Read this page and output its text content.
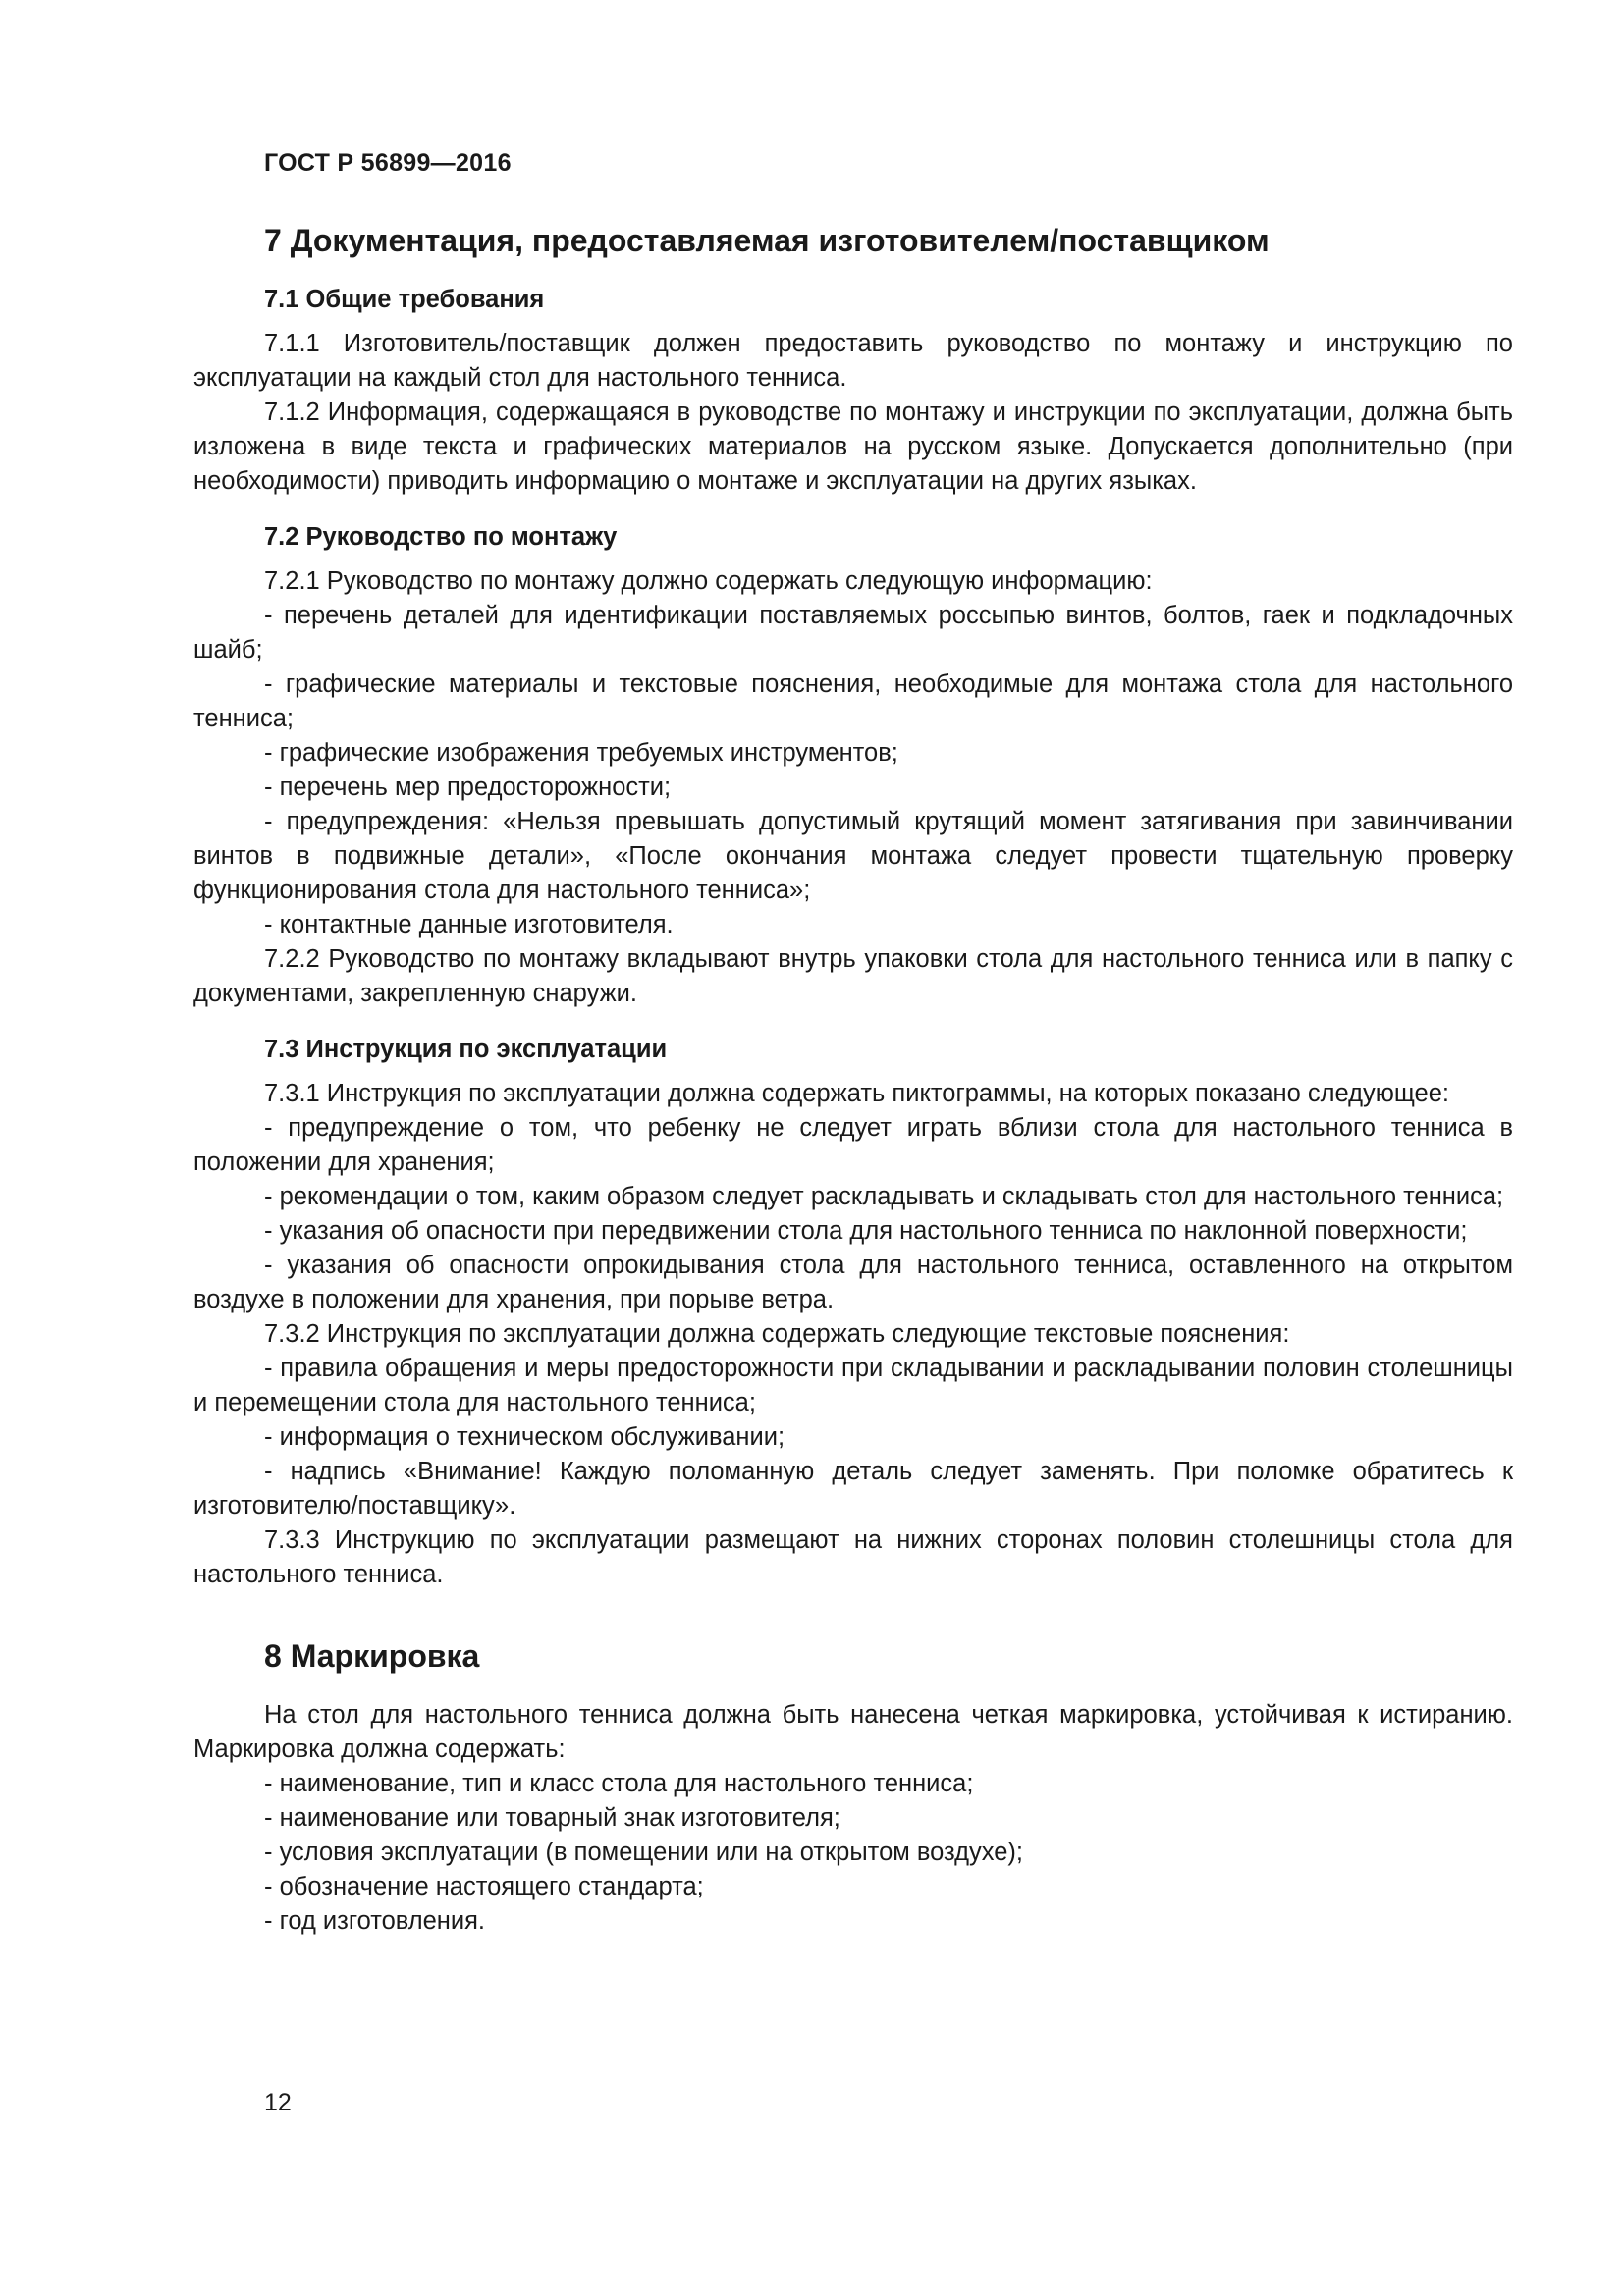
ГОСТ Р 56899—2016

7 Документация, предоставляемая изготовителем/поставщиком
7.1 Общие требования

7.1.1 Изготовитель/поставщик должен предоставить руководство по монтажу и инструкцию по эксплуатации на каждый стол для настольного тенниса.

7.1.2 Информация, содержащаяся в руководстве по монтажу и инструкции по эксплуатации, должна быть изложена в виде текста и графических материалов на русском языке. Допускается дополнительно (при необходимости) приводить информацию о монтаже и эксплуатации на других языках.

7.2 Руководство по монтажу

7.2.1 Руководство по монтажу должно содержать следующую информацию:

- перечень деталей для идентификации поставляемых россыпью винтов, болтов, гаек и подкладочных шайб;

- графические материалы и текстовые пояснения, необходимые для монтажа стола для настольного тенниса;

- графические изображения требуемых инструментов;

- перечень мер предосторожности;

- предупреждения: «Нельзя превышать допустимый крутящий момент затягивания при завинчивании винтов в подвижные детали», «После окончания монтажа следует провести тщательную проверку функционирования стола для настольного тенниса»;

- контактные данные изготовителя.

7.2.2 Руководство по монтажу вкладывают внутрь упаковки стола для настольного тенниса или в папку с документами, закрепленную снаружи.

7.3 Инструкция по эксплуатации

7.3.1 Инструкция по эксплуатации должна содержать пиктограммы, на которых показано следующее:

- предупреждение о том, что ребенку не следует играть вблизи стола для настольного тенниса в положении для хранения;

- рекомендации о том, каким образом следует раскладывать и складывать стол для настольного тенниса;

- указания об опасности при передвижении стола для настольного тенниса по наклонной поверхности;

- указания об опасности опрокидывания стола для настольного тенниса, оставленного на открытом воздухе в положении для хранения, при порыве ветра.

7.3.2 Инструкция по эксплуатации должна содержать следующие текстовые пояснения:

- правила обращения и меры предосторожности при складывании и раскладывании половин столешницы и перемещении стола для настольного тенниса;

- информация о техническом обслуживании;

- надпись «Внимание! Каждую поломанную деталь следует заменять. При поломке обратитесь к изготовителю/поставщику».

7.3.3 Инструкцию по эксплуатации размещают на нижних сторонах половин столешницы стола для настольного тенниса.

8 Маркировка

На стол для настольного тенниса должна быть нанесена четкая маркировка, устойчивая к истиранию. Маркировка должна содержать:

- наименование, тип и класс стола для настольного тенниса;

- наименование или товарный знак изготовителя;

- условия эксплуатации (в помещении или на открытом воздухе);

- обозначение настоящего стандарта;

- год изготовления.

12
